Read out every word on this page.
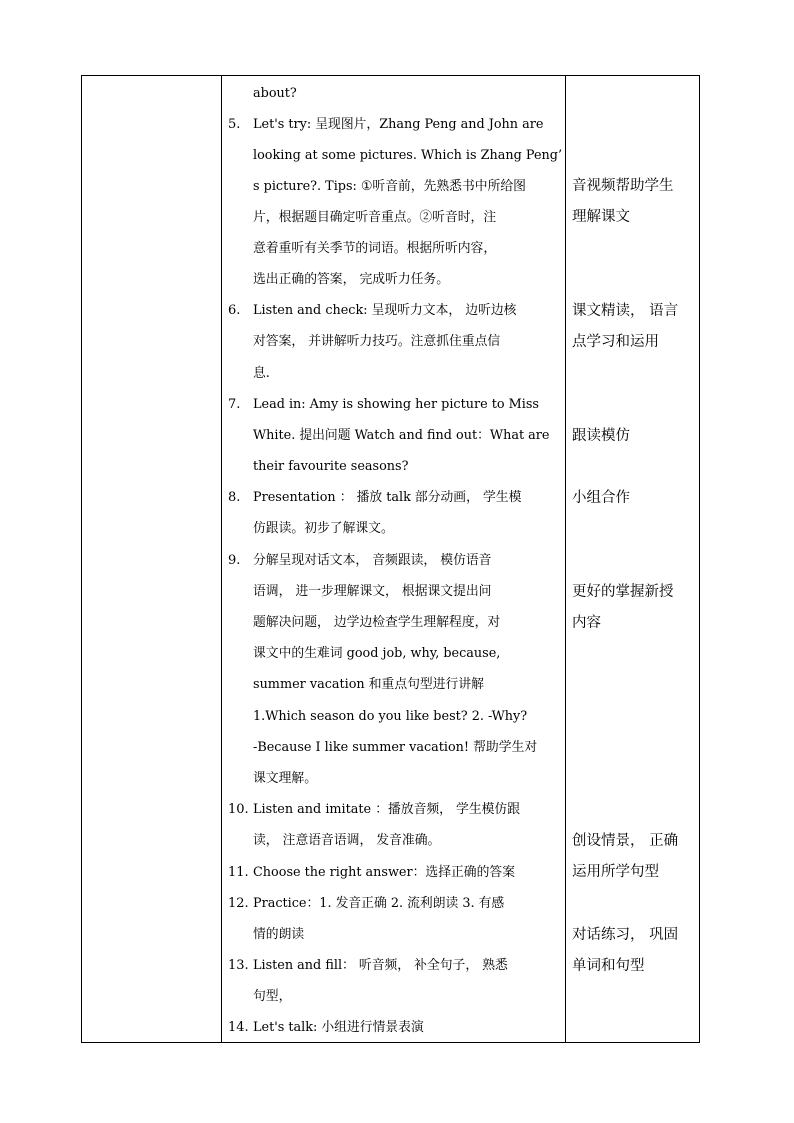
about?
5. Let's try: 呈现图片，Zhang Peng and John are
looking at some pictures. Which is Zhang Peng’
s picture?. Tips: ①听音前，先熟悉书中所给图
片，根据题目确定听音重点。②听音时，注
意着重听有关季节的词语。根据所听内容，
选出正确的答案， 完成听力任务。
6. Listen and check: 呈现听力文本， 边听边核
对答案， 并讲解听力技巧。注意抓住重点信
息.
7. Lead in: Amy is showing her picture to Miss
White. 提出问题 Watch and find out：What are
their favourite seasons?
8. Presentation ： 播放 talk 部分动画， 学生模
仿跟读。初步了解课文。
9. 分解呈现对话文本， 音频跟读， 模仿语音
语调， 进一步理解课文， 根据课文提出问
题解决问题， 边学边检查学生理解程度，对
课文中的生难词 good job, why, because,
summer vacation 和重点句型进行讲解
1.Which season do you like best? 2. -Why?
-Because I like summer vacation! 帮助学生对
课文理解。
10. Listen and imitate ：播放音频， 学生模仿跟
读， 注意语音语调， 发音准确。
11. Choose the right answer：选择正确的答案
12. Practice：1. 发音正确 2. 流利朗读 3. 有感
情的朗读
13. Listen and fill： 听音频， 补全句子， 熟悉
句型，
14. Let's talk: 小组进行情景表演
音视频帮助学生
理解课文
课文精读， 语言
点学习和运用
跟读模仿
小组合作
更好的掌握新授
内容
创设情景， 正确
运用所学句型
对话练习， 巩固
单词和句型
